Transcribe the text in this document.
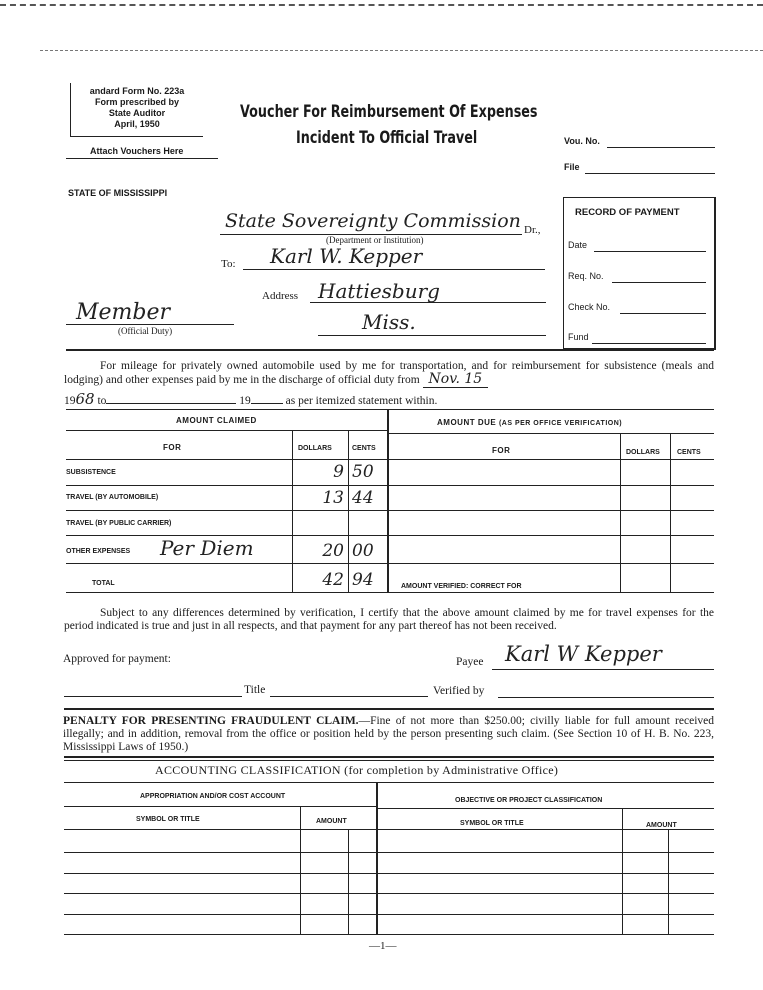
andard Form No. 223a
Form prescribed by
State Auditor
April, 1950
Attach Vouchers Here
Voucher For Reimbursement Of Expenses
Incident To Official Travel	Vou. No.
File
STATE OF MISSISSIPPI
State Sovereignty Commission Dr.,
(Department or Institution)
To: Karl W. Kepper
Address Hattiesburg
Miss.
Member
(Official Duty)
RECORD OF PAYMENT
Date
Req. No.
Check No.
Fund
For mileage for privately owned automobile used by me for transportation, and for reimbursement for subsistence (meals and lodging) and other expenses paid by me in the discharge of official duty from Nov. 15
1968 to	19	as per itemized statement within.
AMOUNT CLAIMED	AMOUNT DUE (AS PER OFFICE VERIFICATION)
FOR	DOLLARS	CENTS	FOR	DOLLARS CENTS
SUBSISTENCE	9 50
TRAVEL (BY AUTOMOBILE)	13 44
TRAVEL (BY PUBLIC CARRIER)
OTHER EXPENSES Per Diem	20 00
TOTAL	42 94	AMOUNT VERIFIED: CORRECT FOR
Subject to any differences determined by verification, I certify that the above amount claimed by me for travel expenses for the period indicated is true and just in all respects, and that payment for any part thereof has not been received.
Approved for payment:	Payee Karl W Kepper
Title	Verified by
PENALTY FOR PRESENTING FRAUDULENT CLAIM.—Fine of not more than $250.00; civilly liable for full amount received illegally; and in addition, removal from the office or position held by the person presenting such claim. (See Section 10 of H. B. No. 223, Mississippi Laws of 1950.)
ACCOUNTING CLASSIFICATION (for completion by Administrative Office)
APPROPRIATION AND/OR COST ACCOUNT
OBJECTIVE OR PROJECT CLASSIFICATION
SYMBOL OR TITLE	AMOUNT	SYMBOL OR TITLE	AMOUNT
—1—
